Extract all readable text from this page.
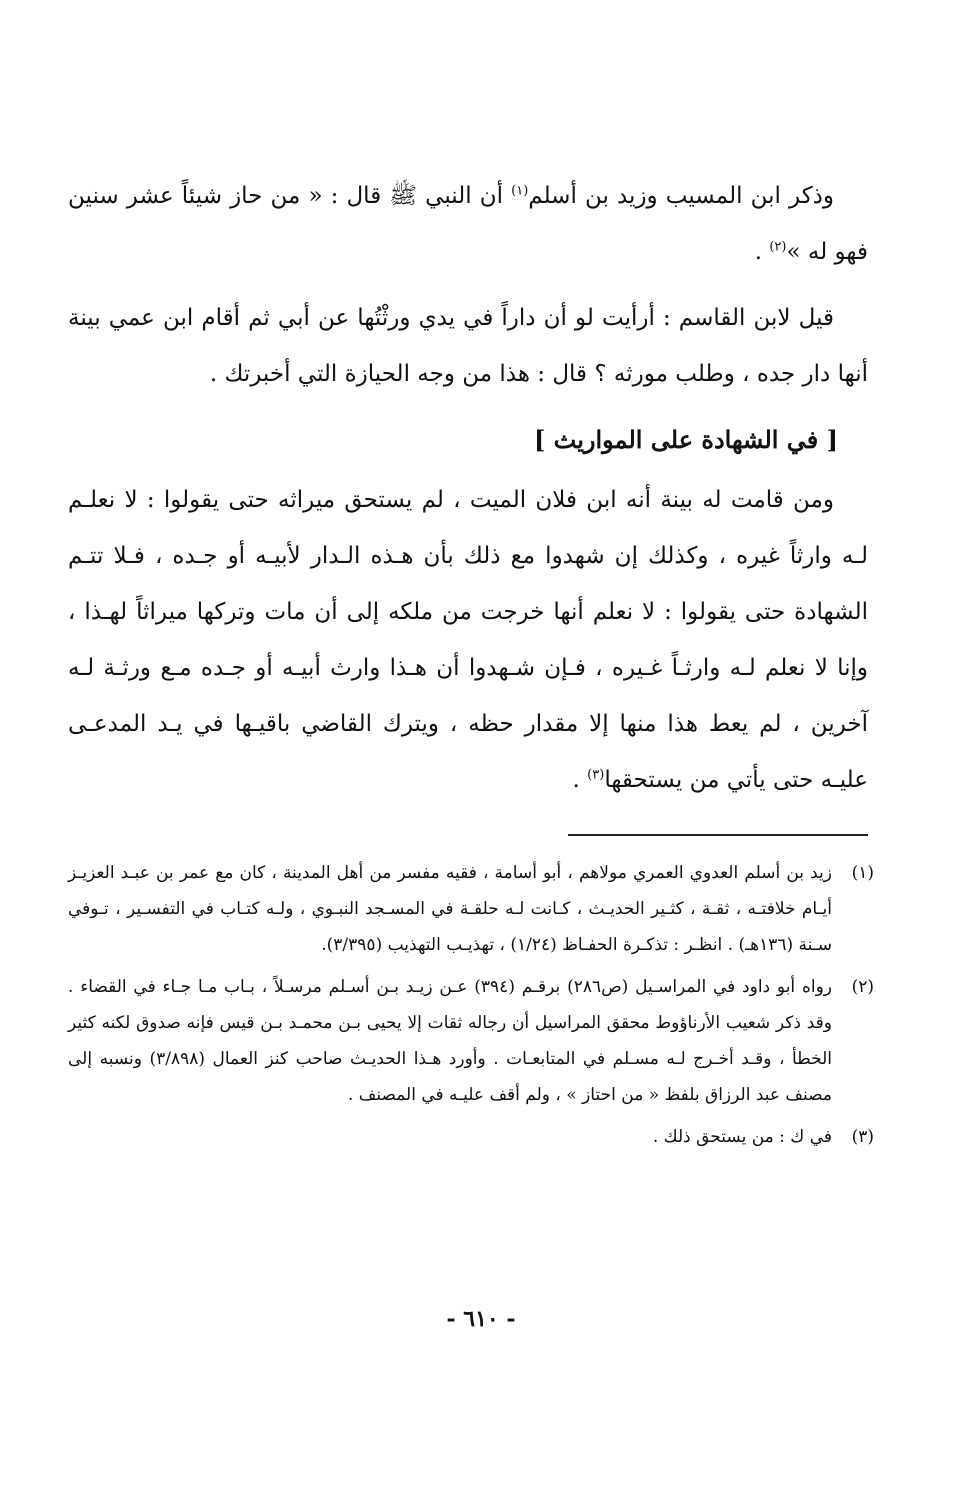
وذكر ابن المسيب وزيد بن أسلم$^{(١)}$ أن النبي ﷺ قال : « من حاز شيئاً عشر سنين فهو له »$^{(٢)}$ .

قيل لابن القاسم : أرأيت لو أن داراً في يدي ورثْتُها عن أبي ثم أقام ابن عمي بينة أنها دار جده ، وطلب مورثه ؟ قال : هذا من وجه الحيازة التي أخبرتك .

[ في الشهادة على المواريث ]

ومن قامت له بينة أنه ابن فلان الميت ، لم يستحق ميراثه حتى يقولوا : لا نعلـم لـه وارثاً غيره ، وكذلك إن شهدوا مع ذلك بأن هـذه الـدار لأبيـه أو جـده ، فـلا تتـم الشهادة حتى يقولوا : لا نعلم أنها خرجت من ملكه إلى أن مات وتركها ميراثاً لهـذا ، وإنا لا نعلم لـه وارثـاً غـيره ، فـإن شـهدوا أن هـذا وارث أبيـه أو جـده مـع ورثـة لـه آخرين ، لم يعط هذا منها إلا مقدار حظه ، ويترك القاضي باقيـها في يـد المدعـى عليـه حتى يأتي من يستحقها$^{(٣)}$ .

(١)
زيد بن أسلم العدوي العمري مولاهم ، أبو أسامة ، فقيه مفسر من أهل المدينة ، كان مع عمر بن عبـد العزيـز أيـام خلافتـه ، ثقـة ، كثـير الحديـث ، كـانت لـه حلقـة في المسـجد النبـوي ، ولـه كتـاب في التفسـير ، تـوفي سـنة (١٣٦هـ) . انظـر : تذكـرة الحفـاظ (١/٢٤) ، تهذيـب التهذيب (٣/٣٩٥).
(٢)
رواه أبو داود في المراسـيل (ص٢٨٦) برقـم (٣٩٤) عـن زيـد بـن أسـلم مرسـلاً ، بـاب مـا جـاء في القضاء . وقد ذكر شعيب الأرناؤوط محقق المراسيل أن رجاله ثقات إلا يحيى بـن محمـد بـن قيس فإنه صدوق لكنه كثير الخطأ ، وقـد أخـرج لـه مسـلم في المتابعـات . وأورد هـذا الحديـث صاحب كنز العمال (٣/٨٩٨) ونسبه إلى مصنف عبد الرزاق بلفظ « من احتاز » ، ولم أقف عليـه في المصنف .
(٣)
في ك : من يستحق ذلك .
- ٦١٠ -
